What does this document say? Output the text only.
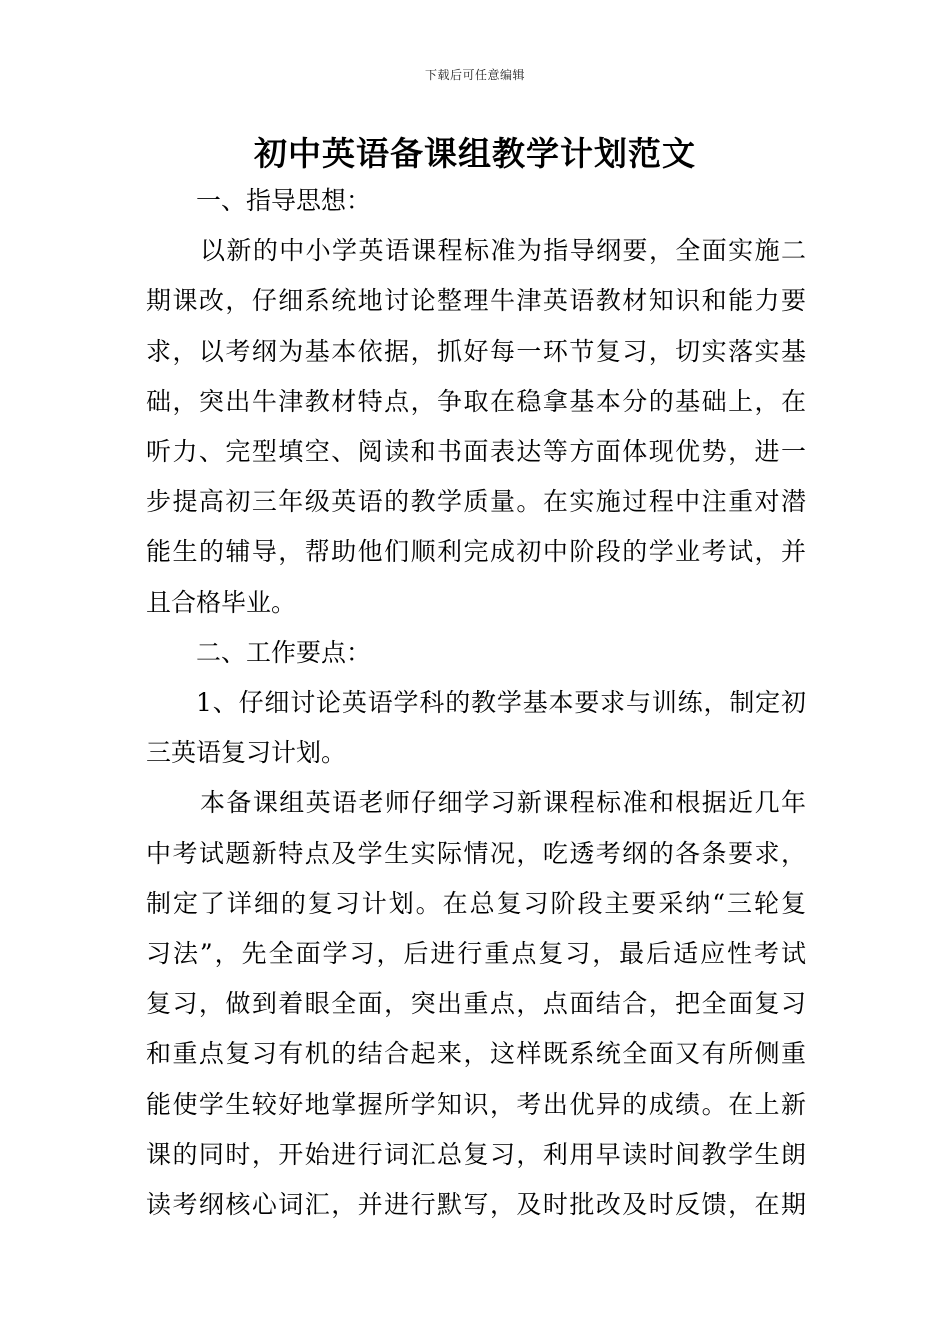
下载后可任意编辑
初中英语备课组教学计划范文
一、指导思想：
以新的中小学英语课程标准为指导纲要，全面实施二
期课改，仔细系统地讨论整理牛津英语教材知识和能力要
求，以考纲为基本依据，抓好每一环节复习，切实落实基
础，突出牛津教材特点，争取在稳拿基本分的基础上，在
听力、完型填空、阅读和书面表达等方面体现优势，进一
步提高初三年级英语的教学质量。在实施过程中注重对潜
能生的辅导，帮助他们顺利完成初中阶段的学业考试，并
且合格毕业。
二、工作要点：
1、仔细讨论英语学科的教学基本要求与训练，制定初
三英语复习计划。
本备课组英语老师仔细学习新课程标准和根据近几年
中考试题新特点及学生实际情况，吃透考纲的各条要求，
制定了详细的复习计划。在总复习阶段主要采纳“三轮复
习法”，先全面学习，后进行重点复习，最后适应性考试
复习，做到着眼全面，突出重点，点面结合，把全面复习
和重点复习有机的结合起来，这样既系统全面又有所侧重
能使学生较好地掌握所学知识，考出优异的成绩。在上新
课的同时，开始进行词汇总复习，利用早读时间教学生朗
读考纲核心词汇，并进行默写，及时批改及时反馈，在期
